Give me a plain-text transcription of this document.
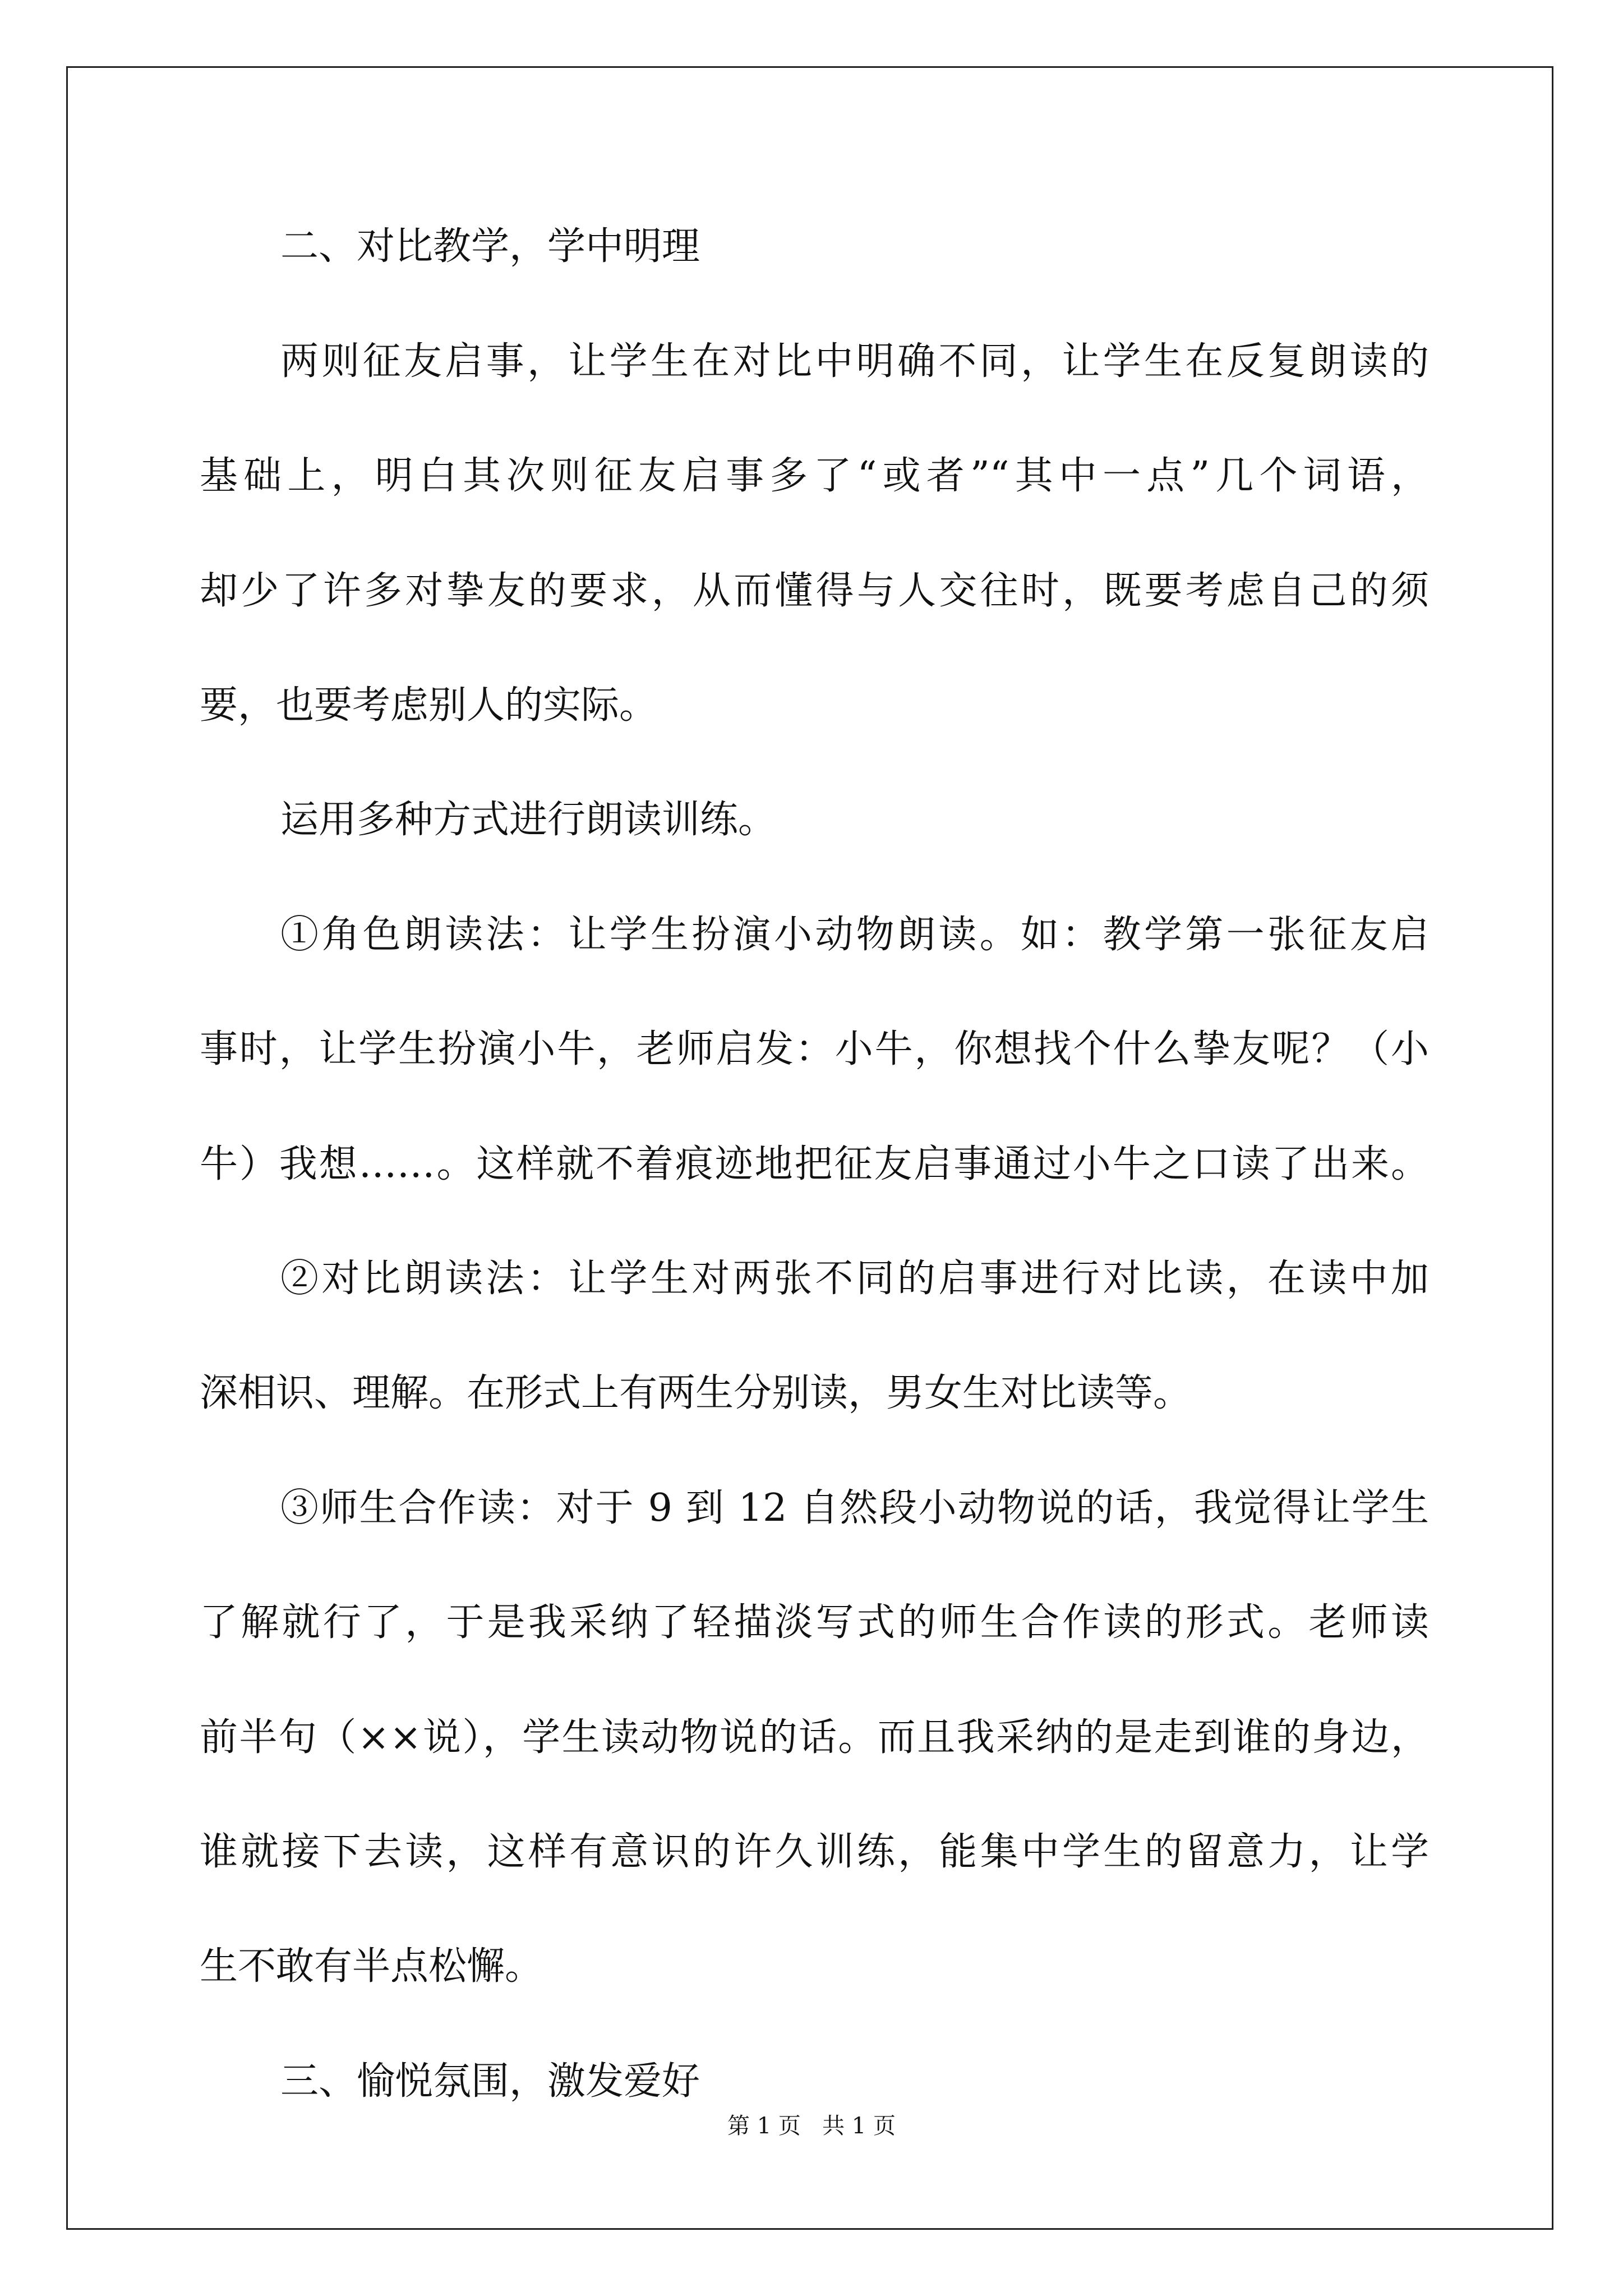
二、对比教学，学中明理
两则征友启事，让学生在对比中明确不同，让学生在反复朗读的
基础上，明白其次则征友启事多了“或者”“其中一点”几个词语，
却少了许多对挚友的要求，从而懂得与人交往时，既要考虑自己的须
要，也要考虑别人的实际。
运用多种方式进行朗读训练。
①角色朗读法：让学生扮演小动物朗读。如：教学第一张征友启
事时，让学生扮演小牛，老师启发：小牛，你想找个什么挚友呢？（小
牛）我想……。这样就不着痕迹地把征友启事通过小牛之口读了出来。
②对比朗读法：让学生对两张不同的启事进行对比读，在读中加
深相识、理解。在形式上有两生分别读，男女生对比读等。
③师生合作读：对于 9 到 12 自然段小动物说的话，我觉得让学生
了解就行了，于是我采纳了轻描淡写式的师生合作读的形式。老师读
前半句（××说），学生读动物说的话。而且我采纳的是走到谁的身边，
谁就接下去读，这样有意识的许久训练，能集中学生的留意力，让学
生不敢有半点松懈。
三、愉悦氛围，激发爱好
第 1 页   共 1 页
